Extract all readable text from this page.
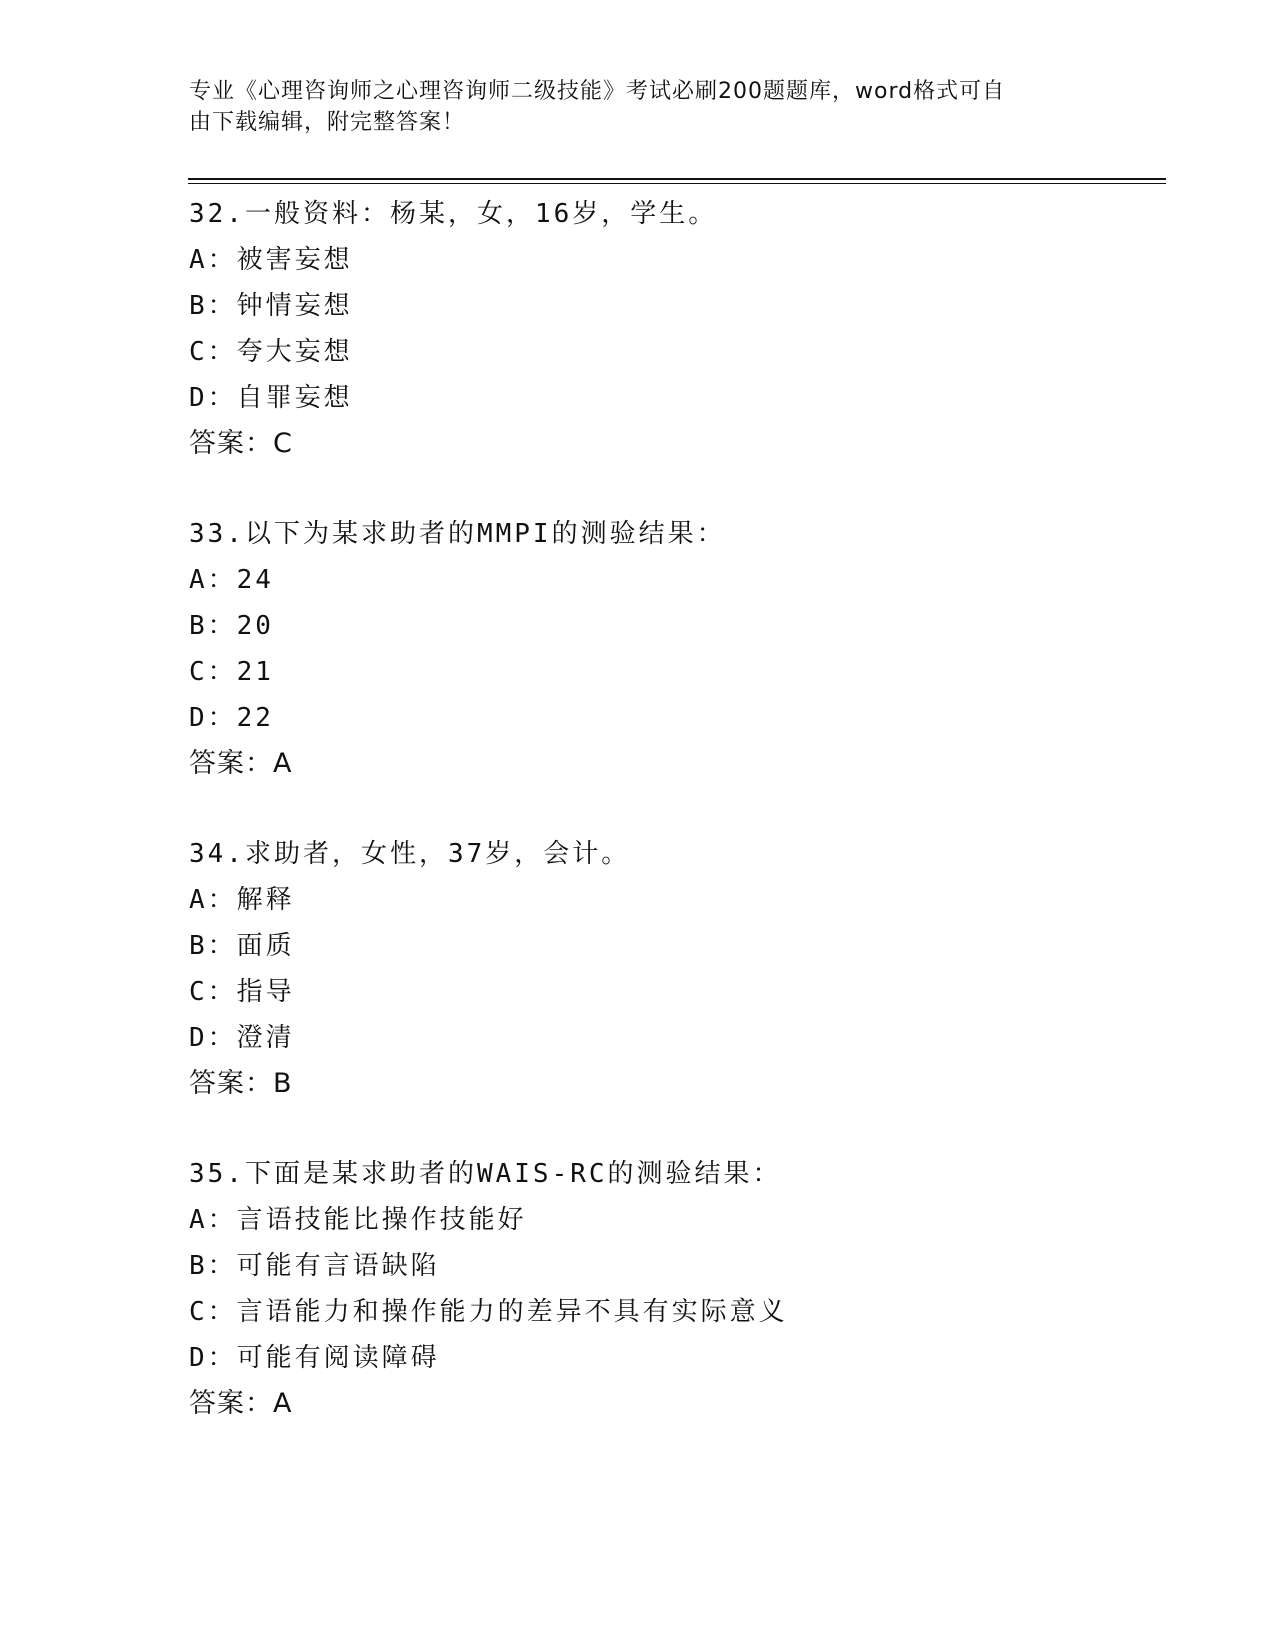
专业《心理咨询师之心理咨询师二级技能》考试必刷200题题库，word格式可自
由下载编辑，附完整答案！
32.一般资料：杨某，女，16岁，学生。
A：被害妄想
B：钟情妄想
C：夸大妄想
D：自罪妄想
答案：C
33.以下为某求助者的MMPI的测验结果：
A：24
B：20
C：21
D：22
答案：A
34.求助者，女性，37岁，会计。
A：解释
B：面质
C：指导
D：澄清
答案：B
35.下面是某求助者的WAIS-RC的测验结果：
A：言语技能比操作技能好
B：可能有言语缺陷
C：言语能力和操作能力的差异不具有实际意义
D：可能有阅读障碍
答案：A
